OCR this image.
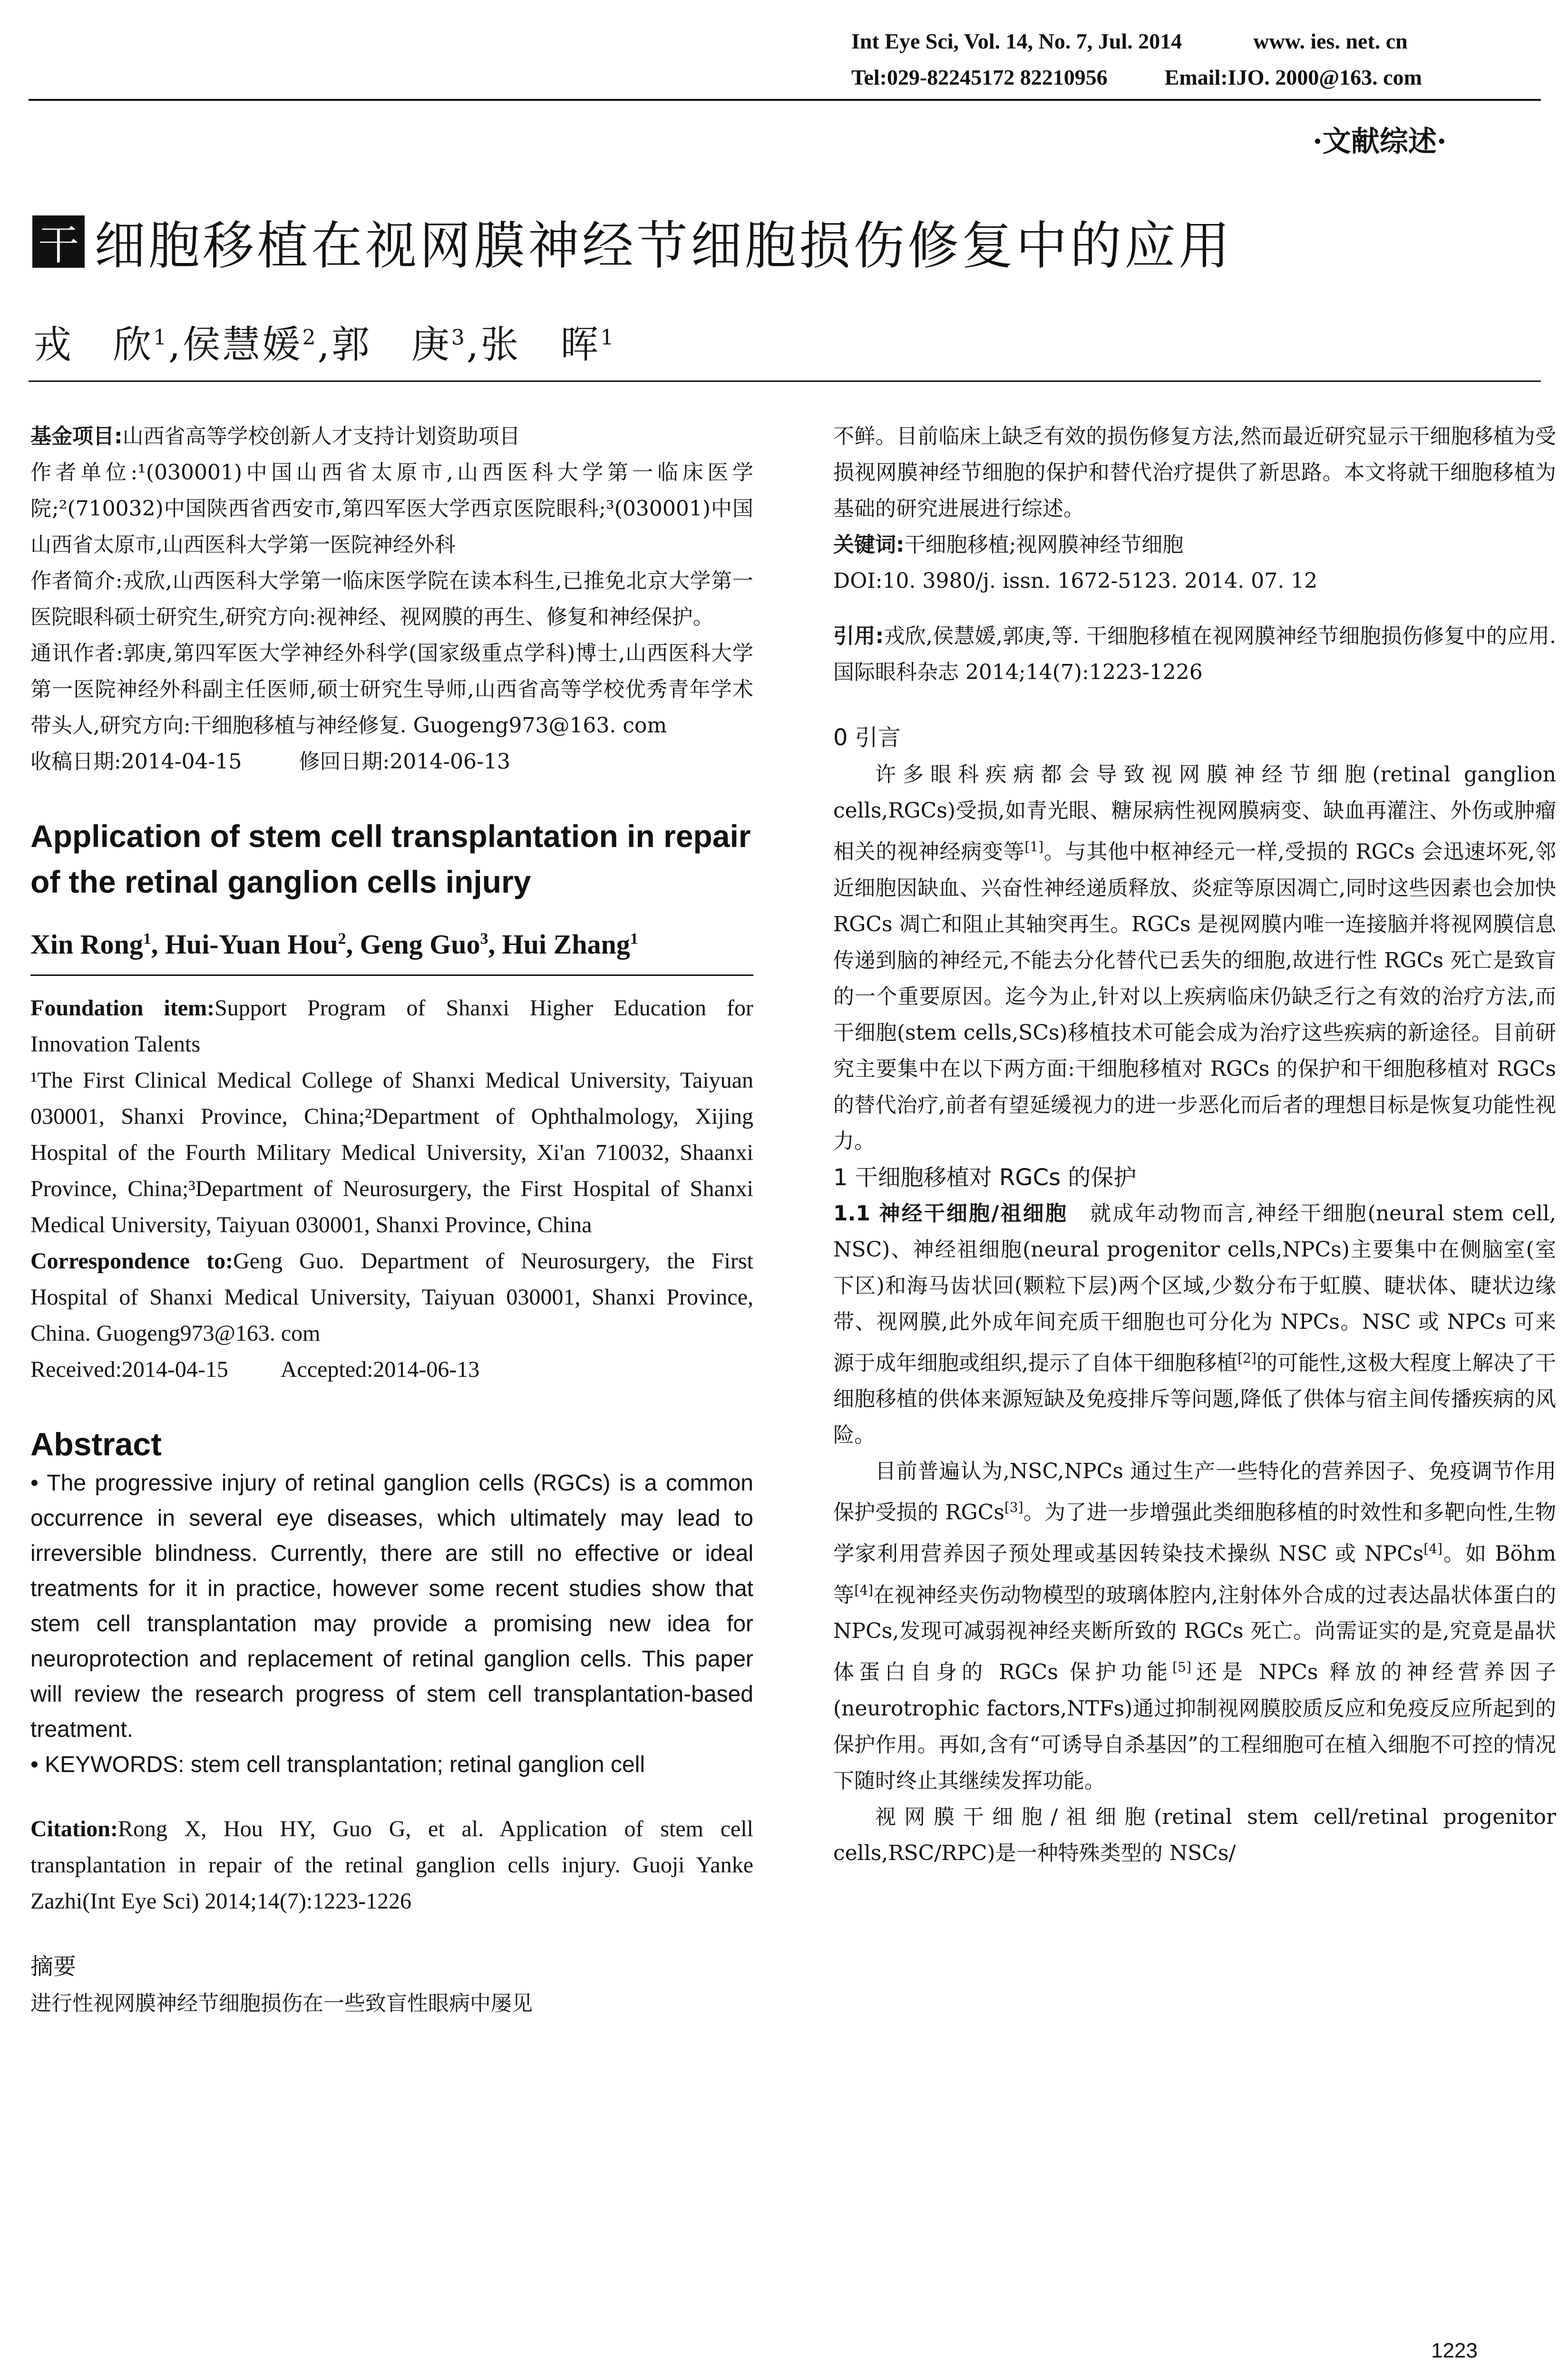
Int Eye Sci, Vol. 14, No. 7, Jul. 2014	www. ies. net. cn
Tel:029-82245172 82210956	Email:IJO. 2000@163. com
·文献综述·
干 细胞移植在视网膜神经节细胞损伤修复中的应用
戎　欣$^1$,侯慧媛$^2$,郭　庚$^3$,张　晖$^1$

基金项目:山西省高等学校创新人才支持计划资助项目

作者单位:¹(030001)中国山西省太原市,山西医科大学第一临床医学院;²(710032)中国陕西省西安市,第四军医大学西京医院眼科;³(030001)中国山西省太原市,山西医科大学第一医院神经外科

作者简介:戎欣,山西医科大学第一临床医学院在读本科生,已推免北京大学第一医院眼科硕士研究生,研究方向:视神经、视网膜的再生、修复和神经保护。

通讯作者:郭庚,第四军医大学神经外科学(国家级重点学科)博士,山西医科大学第一医院神经外科副主任医师,硕士研究生导师,山西省高等学校优秀青年学术带头人,研究方向:干细胞移植与神经修复. Guogeng973@163. com

收稿日期:2014-04-15	修回日期:2014-06-13

Application of stem cell transplantation in repair of the retinal ganglion cells injury
Xin Rong$^1$, Hui-Yuan Hou$^2$, Geng Guo$^3$, Hui Zhang$^1$

Foundation item:Support Program of Shanxi Higher Education for Innovation Talents

¹The First Clinical Medical College of Shanxi Medical University, Taiyuan 030001, Shanxi Province, China;²Department of Ophthalmology, Xijing Hospital of the Fourth Military Medical University, Xi'an 710032, Shaanxi Province, China;³Department of Neurosurgery, the First Hospital of Shanxi Medical University, Taiyuan 030001, Shanxi Province, China

Correspondence to:Geng Guo. Department of Neurosurgery, the First Hospital of Shanxi Medical University, Taiyuan 030001, Shanxi Province, China. Guogeng973@163. com

Received:2014-04-15 Accepted:2014-06-13

Abstract

• The progressive injury of retinal ganglion cells (RGCs) is a common occurrence in several eye diseases, which ultimately may lead to irreversible blindness. Currently, there are still no effective or ideal treatments for it in practice, however some recent studies show that stem cell transplantation may provide a promising new idea for neuroprotection and replacement of retinal ganglion cells. This paper will review the research progress of stem cell transplantation-based treatment.

• KEYWORDS: stem cell transplantation; retinal ganglion cell

Citation:Rong X, Hou HY, Guo G, et al. Application of stem cell transplantation in repair of the retinal ganglion cells injury. Guoji Yanke Zazhi(Int Eye Sci) 2014;14(7):1223-1226

摘要

进行性视网膜神经节细胞损伤在一些致盲性眼病中屡见

不鲜。目前临床上缺乏有效的损伤修复方法,然而最近研究显示干细胞移植为受损视网膜神经节细胞的保护和替代治疗提供了新思路。本文将就干细胞移植为基础的研究进展进行综述。

关键词:干细胞移植;视网膜神经节细胞

DOI:10. 3980/j. issn. 1672-5123. 2014. 07. 12

引用:戎欣,侯慧媛,郭庚,等. 干细胞移植在视网膜神经节细胞损伤修复中的应用. 国际眼科杂志 2014;14(7):1223-1226

0 引言

许多眼科疾病都会导致视网膜神经节细胞(retinal ganglion cells,RGCs)受损,如青光眼、糖尿病性视网膜病变、缺血再灌注、外伤或肿瘤相关的视神经病变等[1]。与其他中枢神经元一样,受损的 RGCs 会迅速坏死,邻近细胞因缺血、兴奋性神经递质释放、炎症等原因凋亡,同时这些因素也会加快 RGCs 凋亡和阻止其轴突再生。RGCs 是视网膜内唯一连接脑并将视网膜信息传递到脑的神经元,不能去分化替代已丢失的细胞,故进行性 RGCs 死亡是致盲的一个重要原因。迄今为止,针对以上疾病临床仍缺乏行之有效的治疗方法,而干细胞(stem cells,SCs)移植技术可能会成为治疗这些疾病的新途径。目前研究主要集中在以下两方面:干细胞移植对 RGCs 的保护和干细胞移植对 RGCs 的替代治疗,前者有望延缓视力的进一步恶化而后者的理想目标是恢复功能性视力。

1 干细胞移植对 RGCs 的保护

1.1 神经干细胞/祖细胞 就成年动物而言,神经干细胞(neural stem cell, NSC)、神经祖细胞(neural progenitor cells,NPCs)主要集中在侧脑室(室下区)和海马齿状回(颗粒下层)两个区域,少数分布于虹膜、睫状体、睫状边缘带、视网膜,此外成年间充质干细胞也可分化为 NPCs。NSC 或 NPCs 可来源于成年细胞或组织,提示了自体干细胞移植[2]的可能性,这极大程度上解决了干细胞移植的供体来源短缺及免疫排斥等问题,降低了供体与宿主间传播疾病的风险。

目前普遍认为,NSC,NPCs 通过生产一些特化的营养因子、免疫调节作用保护受损的 RGCs[3]。为了进一步增强此类细胞移植的时效性和多靶向性,生物学家利用营养因子预处理或基因转染技术操纵 NSC 或 NPCs[4]。如 Böhm 等[4]在视神经夹伤动物模型的玻璃体腔内,注射体外合成的过表达晶状体蛋白的 NPCs,发现可减弱视神经夹断所致的 RGCs 死亡。尚需证实的是,究竟是晶状体蛋白自身的 RGCs 保护功能[5]还是 NPCs 释放的神经营养因子(neurotrophic factors,NTFs)通过抑制视网膜胶质反应和免疫反应所起到的保护作用。再如,含有“可诱导自杀基因”的工程细胞可在植入细胞不可控的情况下随时终止其继续发挥功能。

视网膜干细胞/祖细胞(retinal stem cell/retinal progenitor cells,RSC/RPC)是一种特殊类型的 NSCs/

1223
